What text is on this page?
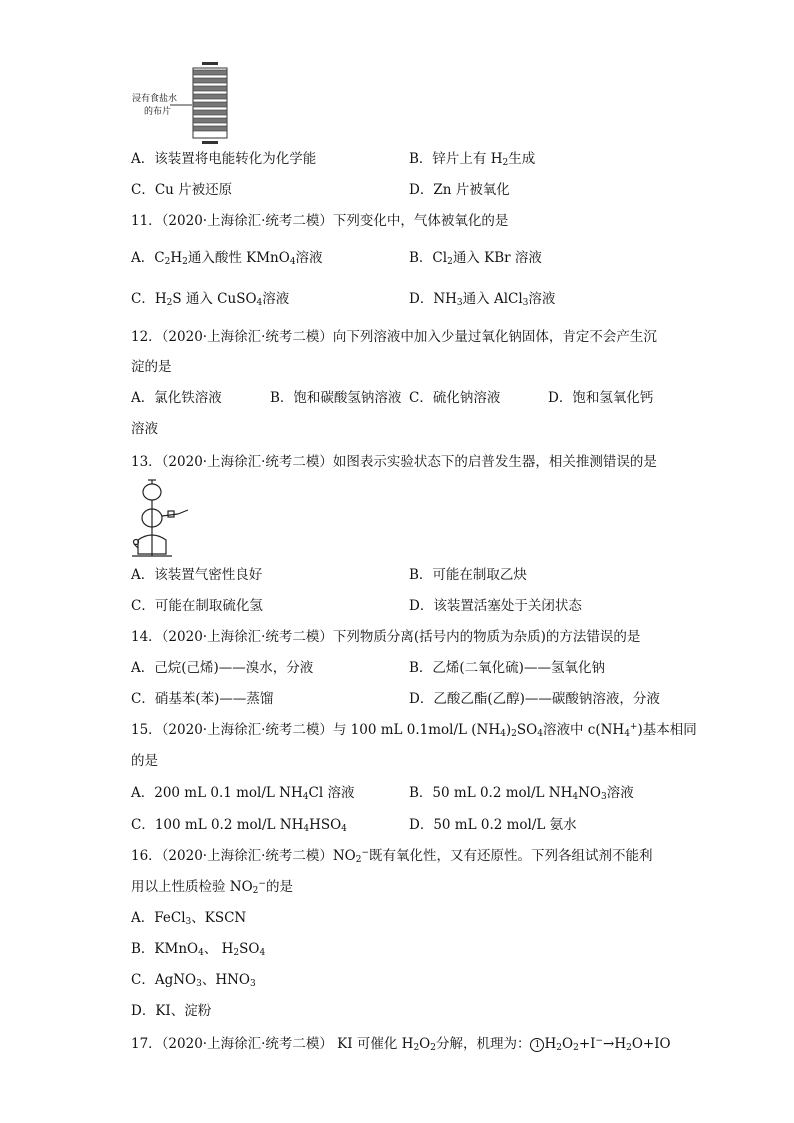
浸有食盐水
的布片
A．该装置将电能转化为化学能	B．锌片上有 $H_2$生成
C．Cu 片被还原	D．Zn 片被氧化
11．（2020·上海徐汇·统考二模）下列变化中，气体被氧化的是
A．$C_2H_2$通入酸性 KMnO$_4$溶液	B．$Cl_2$通入 KBr 溶液
C．$H_2S$ 通入 CuSO$_4$溶液	D．$NH_3$通入 AlCl$_3$溶液
12．（2020·上海徐汇·统考二模）向下列溶液中加入少量过氧化钠固体，肯定不会产生沉
淀的是
A．氯化铁溶液	B．饱和碳酸氢钠溶液 C．硫化钠溶液	D．饱和氢氧化钙
溶液
13．（2020·上海徐汇·统考二模）如图表示实验状态下的启普发生器，相关推测错误的是
A．该装置气密性良好	B．可能在制取乙炔
C．可能在制取硫化氢	D．该装置活塞处于关闭状态
14．（2020·上海徐汇·统考二模）下列物质分离(括号内的物质为杂质)的方法错误的是
A．己烷(己烯)——溴水，分液	B．乙烯(二氧化硫)——氢氧化钠
C．硝基苯(苯)——蒸馏	D．乙酸乙酯(乙醇)——碳酸钠溶液，分液
15．（2020·上海徐汇·统考二模）与 100 mL 0.1mol/L $(NH_4)_2SO_4$溶液中 $c(NH_4^+)$基本相同
的是
A．200 mL 0.1 mol/L $NH_4Cl$ 溶液	B．50 mL 0.2 mol/L $NH_4NO_3$溶液
C．100 mL 0.2 mol/L $NH_4HSO_4$	D．50 mL 0.2 mol/L 氨水
16．（2020·上海徐汇·统考二模）$NO_2^-$既有氧化性，又有还原性。下列各组试剂不能利
用以上性质检验 $NO_2^-$的是
A．FeCl$_3$、KSCN
B．KMnO$_4$、 $H_2SO_4$
C．AgNO$_3$、$HNO_3$
D．KI、淀粉
17．（2020·上海徐汇·统考二模） KI 可催化 $H_2O_2$分解，机理为： 1 $H_2O_2+I^-\to H_2O+IO$
